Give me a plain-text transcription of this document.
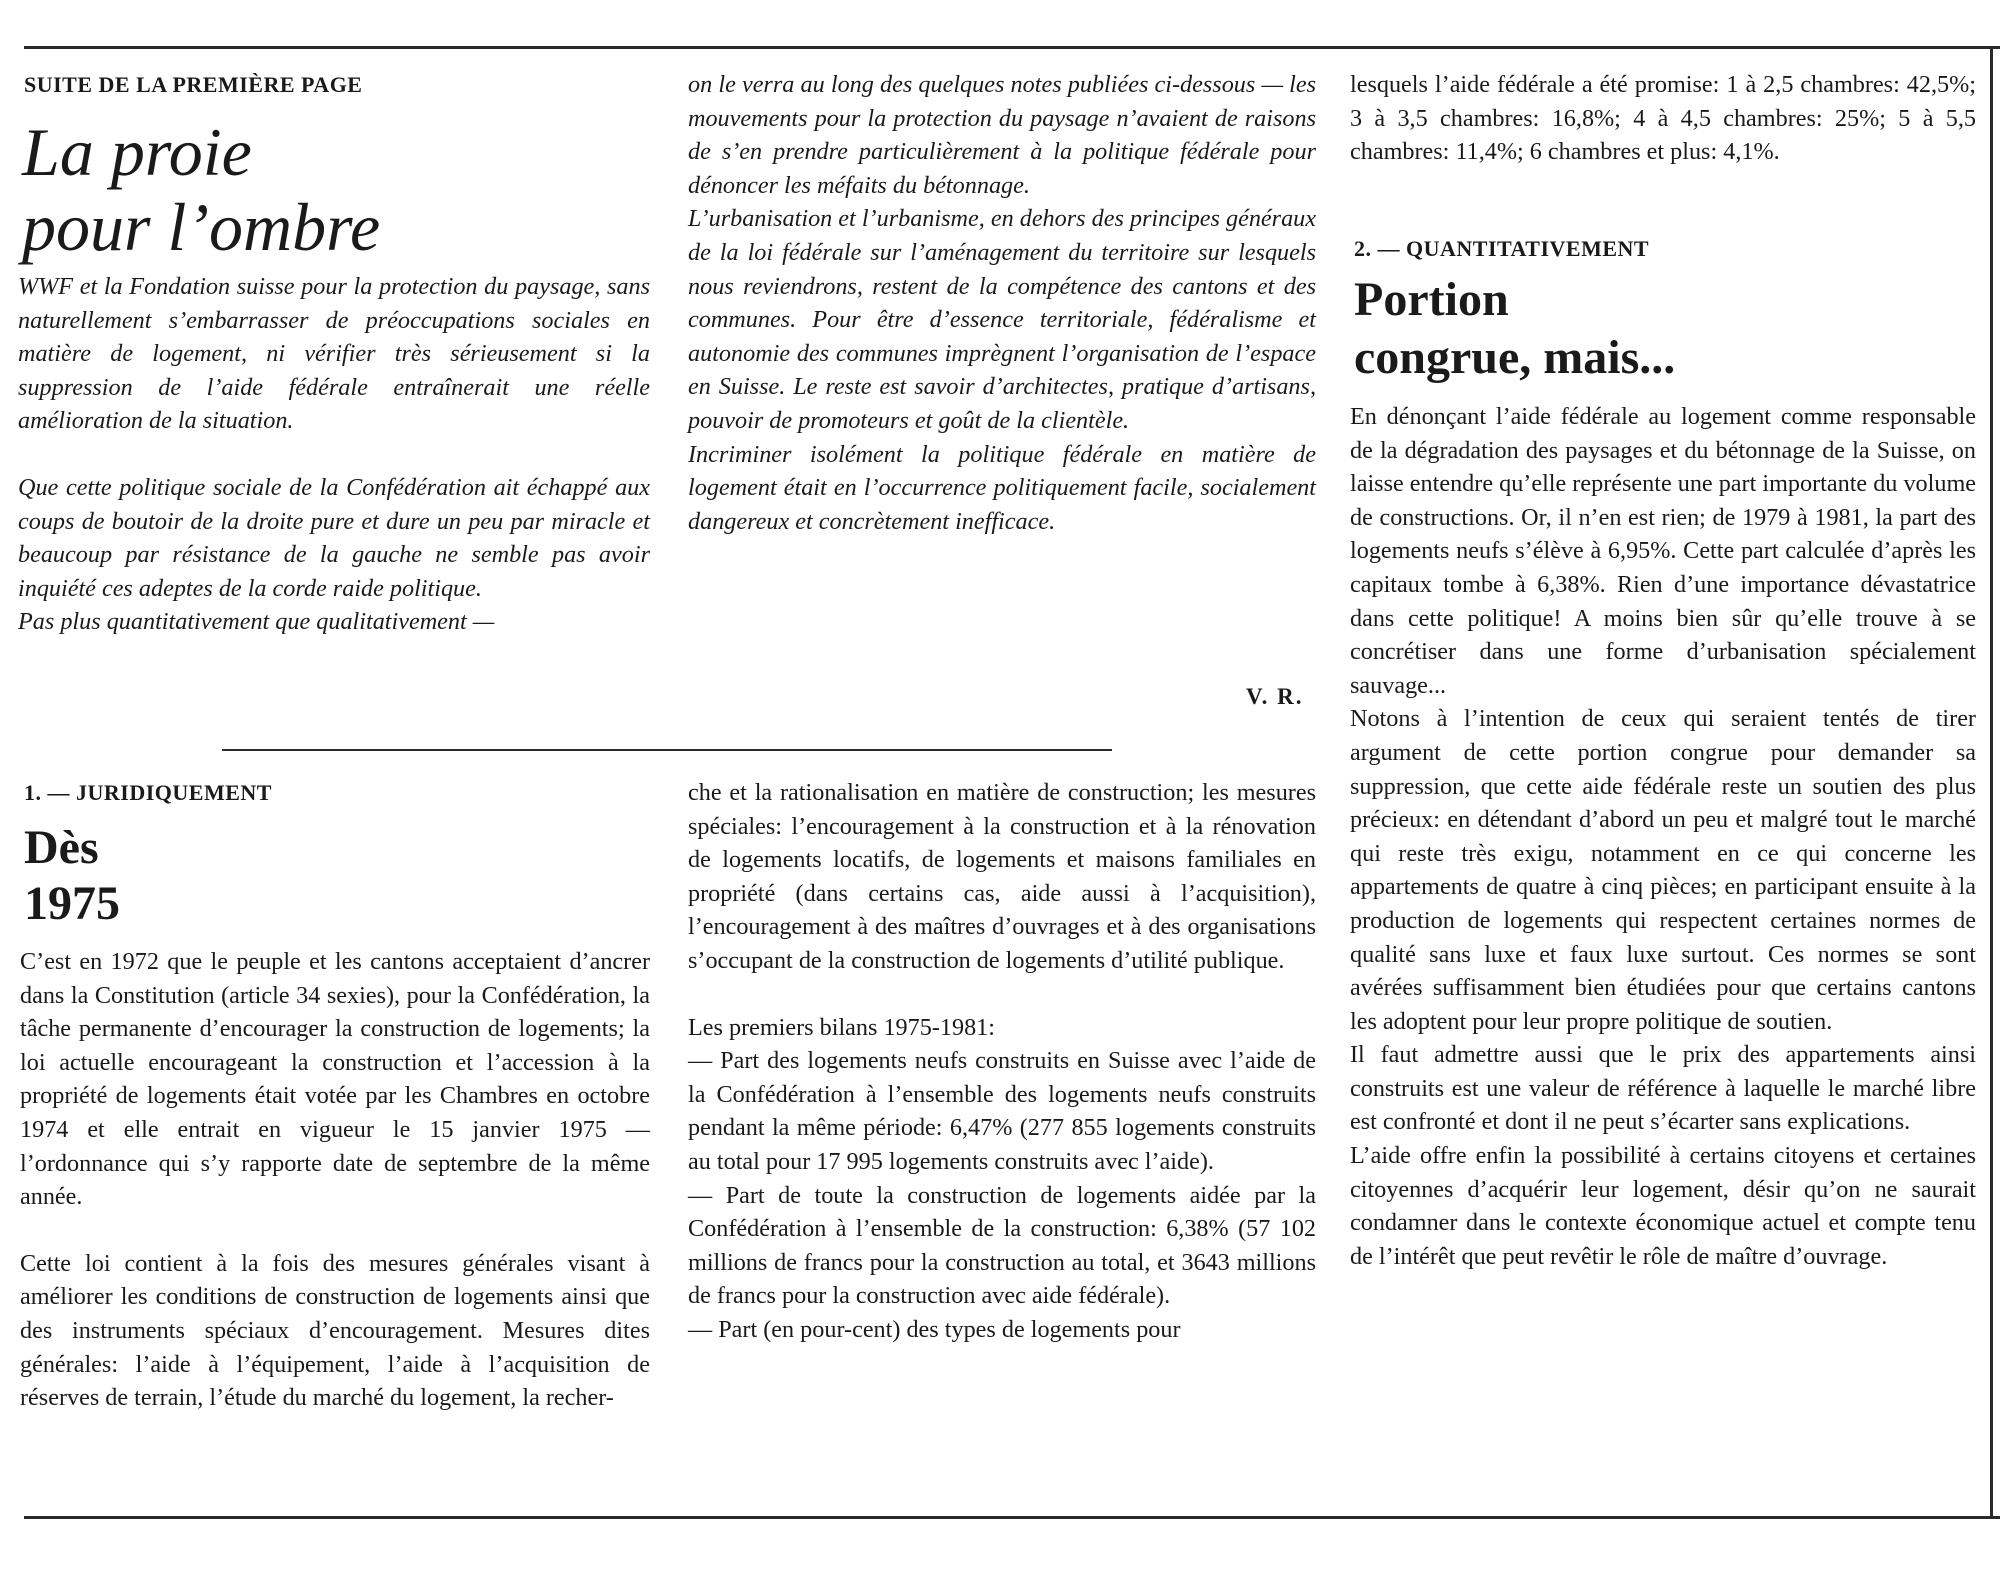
SUITE DE LA PREMIÈRE PAGE
La proie
pour l’ombre

WWF et la Fondation suisse pour la protection du paysage, sans naturellement s’embarrasser de préoccupations sociales en matière de logement, ni vérifier très sérieusement si la suppression de l’aide fédérale entraînerait une réelle amélioration de la situation.

Que cette politique sociale de la Confédération ait échappé aux coups de boutoir de la droite pure et dure un peu par miracle et beaucoup par résistance de la gauche ne semble pas avoir inquiété ces adeptes de la corde raide politique.

Pas plus quantitativement que qualitativement —

on le verra au long des quelques notes publiées ci-dessous — les mouvements pour la protection du paysage n’avaient de raisons de s’en prendre particulièrement à la politique fédérale pour dénoncer les méfaits du bétonnage.

L’urbanisation et l’urbanisme, en dehors des principes généraux de la loi fédérale sur l’aménagement du territoire sur lesquels nous reviendrons, restent de la compétence des cantons et des communes. Pour être d’essence territoriale, fédéralisme et autonomie des communes imprègnent l’organisation de l’espace en Suisse. Le reste est savoir d’architectes, pratique d’artisans, pouvoir de promoteurs et goût de la clientèle.

Incriminer isolément la politique fédérale en matière de logement était en l’occurrence politiquement facile, socialement dangereux et concrètement inefficace.

V. R.
1. — JURIDIQUEMENT
Dès
1975

C’est en 1972 que le peuple et les cantons acceptaient d’ancrer dans la Constitution (article 34 sexies), pour la Confédération, la tâche permanente d’encourager la construction de logements; la loi actuelle encourageant la construction et l’accession à la propriété de logements était votée par les Chambres en octobre 1974 et elle entrait en vigueur le 15 janvier 1975 — l’ordonnance qui s’y rapporte date de septembre de la même année.

Cette loi contient à la fois des mesures générales visant à améliorer les conditions de construction de logements ainsi que des instruments spéciaux d’encouragement. Mesures dites générales: l’aide à l’équipement, l’aide à l’acquisition de réserves de terrain, l’étude du marché du logement, la recher-

che et la rationalisation en matière de construction; les mesures spéciales: l’encouragement à la construction et à la rénovation de logements locatifs, de logements et maisons familiales en propriété (dans certains cas, aide aussi à l’acquisition), l’encouragement à des maîtres d’ouvrages et à des organisations s’occupant de la construction de logements d’utilité publique.

Les premiers bilans 1975-1981:

— Part des logements neufs construits en Suisse avec l’aide de la Confédération à l’ensemble des logements neufs construits pendant la même période: 6,47% (277 855 logements construits au total pour 17 995 logements construits avec l’aide).

— Part de toute la construction de logements aidée par la Confédération à l’ensemble de la construction: 6,38% (57 102 millions de francs pour la construction au total, et 3643 millions de francs pour la construction avec aide fédérale).

— Part (en pour-cent) des types de logements pour

lesquels l’aide fédérale a été promise: 1 à 2,5 chambres: 42,5%; 3 à 3,5 chambres: 16,8%; 4 à 4,5 chambres: 25%; 5 à 5,5 chambres: 11,4%; 6 chambres et plus: 4,1%.

2. — QUANTITATIVEMENT
Portion
congrue, mais...

En dénonçant l’aide fédérale au logement comme responsable de la dégradation des paysages et du bétonnage de la Suisse, on laisse entendre qu’elle représente une part importante du volume de constructions. Or, il n’en est rien; de 1979 à 1981, la part des logements neufs s’élève à 6,95%. Cette part calculée d’après les capitaux tombe à 6,38%. Rien d’une importance dévastatrice dans cette politique! A moins bien sûr qu’elle trouve à se concrétiser dans une forme d’urbanisation spécialement sauvage...

Notons à l’intention de ceux qui seraient tentés de tirer argument de cette portion congrue pour demander sa suppression, que cette aide fédérale reste un soutien des plus précieux: en détendant d’abord un peu et malgré tout le marché qui reste très exigu, notamment en ce qui concerne les appartements de quatre à cinq pièces; en participant ensuite à la production de logements qui respectent certaines normes de qualité sans luxe et faux luxe surtout. Ces normes se sont avérées suffisamment bien étudiées pour que certains cantons les adoptent pour leur propre politique de soutien.

Il faut admettre aussi que le prix des appartements ainsi construits est une valeur de référence à laquelle le marché libre est confronté et dont il ne peut s’écarter sans explications.

L’aide offre enfin la possibilité à certains citoyens et certaines citoyennes d’acquérir leur logement, désir qu’on ne saurait condamner dans le contexte économique actuel et compte tenu de l’intérêt que peut revêtir le rôle de maître d’ouvrage.
